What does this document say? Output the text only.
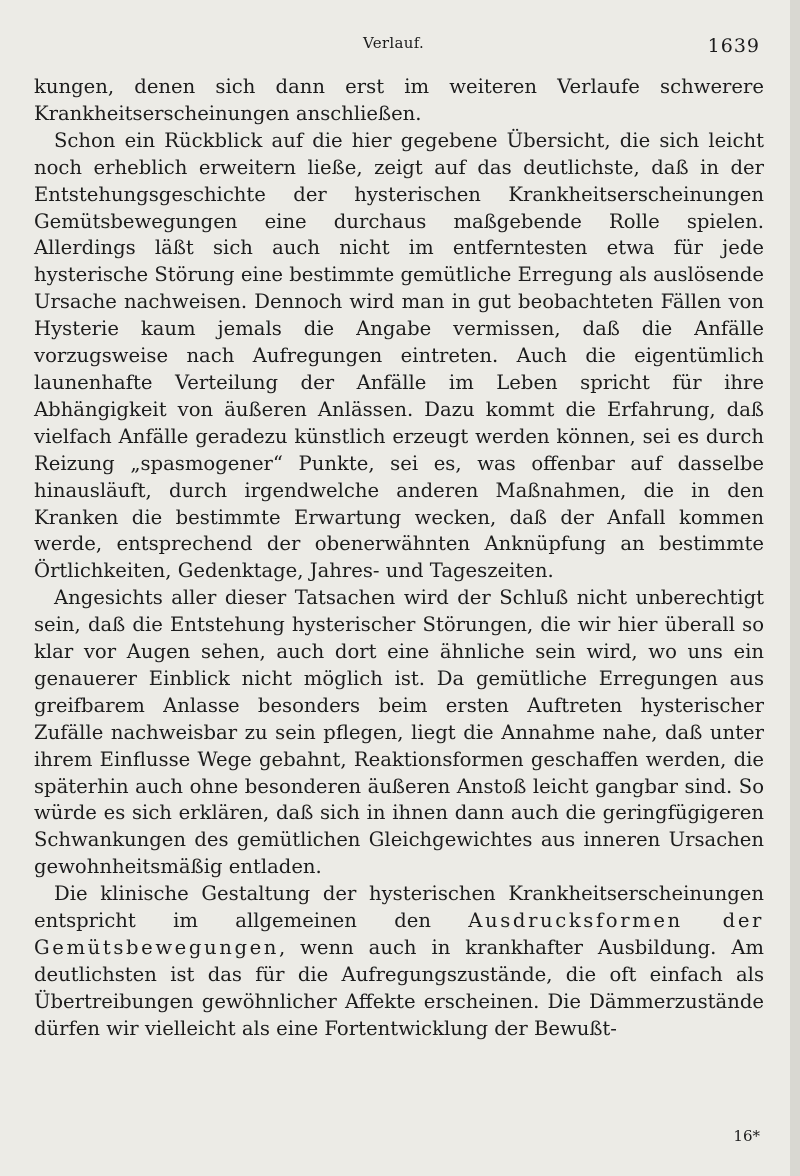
Verlauf.	1639

kungen, denen sich dann erst im weiteren Verlaufe schwerere Krankheitserscheinungen anschließen.

Schon ein Rückblick auf die hier gegebene Übersicht, die sich leicht noch erheblich erweitern ließe, zeigt auf das deutlichste, daß in der Entstehungsgeschichte der hysterischen Krankheitserscheinungen Gemütsbewegungen eine durchaus maßgebende Rolle spielen. Allerdings läßt sich auch nicht im entferntesten etwa für jede hysterische Störung eine bestimmte gemütliche Erregung als auslösende Ursache nachweisen. Dennoch wird man in gut beobachteten Fällen von Hysterie kaum jemals die Angabe vermissen, daß die Anfälle vorzugsweise nach Aufregungen eintreten. Auch die eigentümlich launenhafte Verteilung der Anfälle im Leben spricht für ihre Abhängigkeit von äußeren Anlässen. Dazu kommt die Erfahrung, daß vielfach Anfälle geradezu künstlich erzeugt werden können, sei es durch Reizung „spasmogener“ Punkte, sei es, was offenbar auf dasselbe hinausläuft, durch irgendwelche anderen Maßnahmen, die in den Kranken die bestimmte Erwartung wecken, daß der Anfall kommen werde, entsprechend der obenerwähnten Anknüpfung an bestimmte Örtlichkeiten, Gedenktage, Jahres- und Tageszeiten.

Angesichts aller dieser Tatsachen wird der Schluß nicht unberechtigt sein, daß die Entstehung hysterischer Störungen, die wir hier überall so klar vor Augen sehen, auch dort eine ähnliche sein wird, wo uns ein genauerer Einblick nicht möglich ist. Da gemütliche Erregungen aus greifbarem Anlasse besonders beim ersten Auftreten hysterischer Zufälle nachweisbar zu sein pflegen, liegt die Annahme nahe, daß unter ihrem Einflusse Wege gebahnt, Reaktionsformen geschaffen werden, die späterhin auch ohne besonderen äußeren Anstoß leicht gangbar sind. So würde es sich erklären, daß sich in ihnen dann auch die geringfügigeren Schwankungen des gemütlichen Gleichgewichtes aus inneren Ursachen gewohnheitsmäßig entladen.

Die klinische Gestaltung der hysterischen Krankheitserscheinungen entspricht im allgemeinen den Ausdrucksformen der Gemütsbewegungen, wenn auch in krankhafter Ausbildung. Am deutlichsten ist das für die Aufregungszustände, die oft einfach als Übertreibungen gewöhnlicher Affekte erscheinen. Die Dämmerzustände dürfen wir vielleicht als eine Fortentwicklung der Bewußt-

16*
